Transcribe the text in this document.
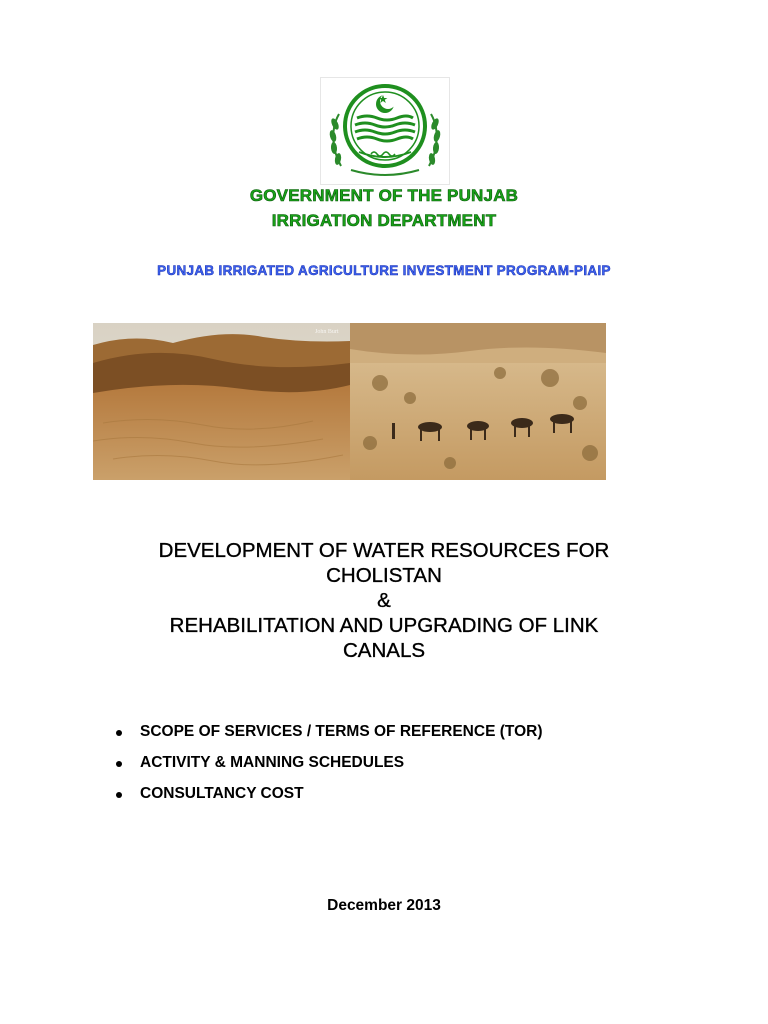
GOVERNMENT OF THE PUNJAB
IRRIGATION DEPARTMENT
PUNJAB IRRIGATED AGRICULTURE INVESTMENT PROGRAM-PIAIP
John Burt
DEVELOPMENT OF WATER RESOURCES FOR
CHOLISTAN
&
REHABILITATION AND UPGRADING OF LINK
CANALS
SCOPE OF SERVICES / TERMS OF REFERENCE (TOR)
ACTIVITY & MANNING SCHEDULES
CONSULTANCY COST
December 2013
